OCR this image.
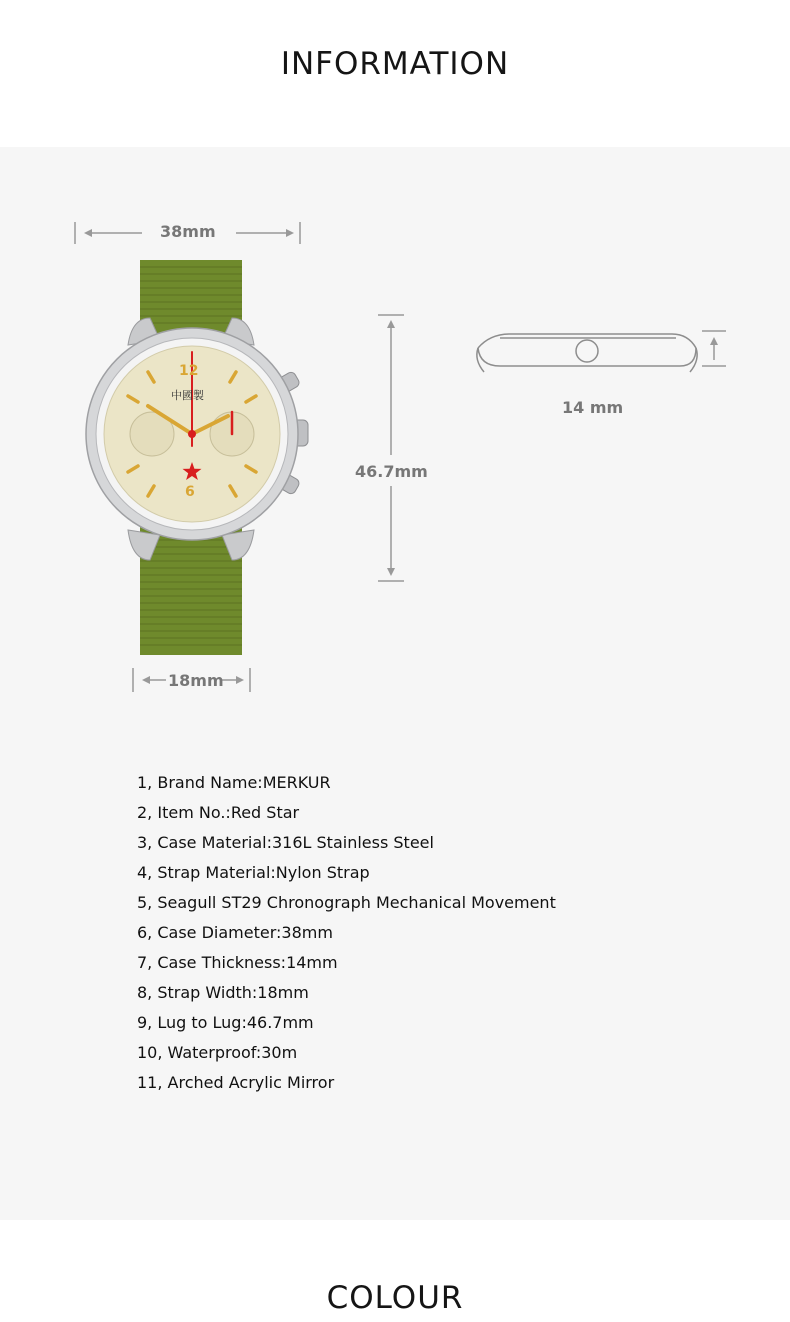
INFORMATION
中國製
12
6
38mm
46.7mm
14 mm
18mm
1, Brand Name:MERKUR
2, Item No.:Red Star
3, Case Material:316L Stainless Steel
4, Strap Material:Nylon Strap
5, Seagull ST29 Chronograph Mechanical Movement
6, Case Diameter:38mm
7, Case Thickness:14mm
8, Strap Width:18mm
9, Lug to Lug:46.7mm
10, Waterproof:30m
11, Arched Acrylic Mirror
COLOUR
